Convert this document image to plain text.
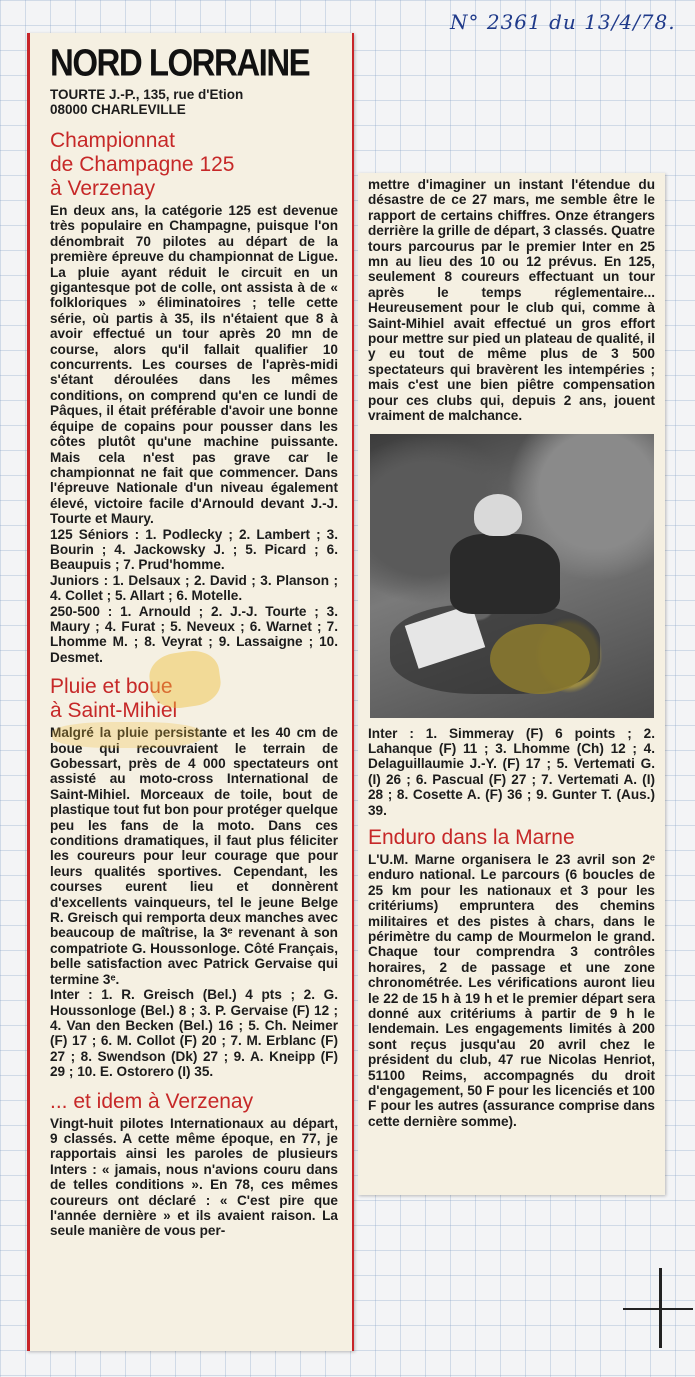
N° 2361 du 13/4/78.
NORD LORRAINE
TOURTE J.-P., 135, rue d'Etion
08000 CHARLEVILLE
Championnat
de Champagne 125
à Verzenay

En deux ans, la catégorie 125 est devenue très populaire en Champagne, puisque l'on dénombrait 70 pilotes au départ de la première épreuve du championnat de Ligue. La pluie ayant réduit le circuit en un gigantesque pot de colle, ont assista à de « folkloriques » éliminatoires ; telle cette série, où partis à 35, ils n'étaient que 8 à avoir effectué un tour après 20 mn de course, alors qu'il fallait qualifier 10 concurrents. Les courses de l'après-midi s'étant déroulées dans les mêmes conditions, on comprend qu'en ce lundi de Pâques, il était préférable d'avoir une bonne équipe de copains pour pousser dans les côtes plutôt qu'une machine puissante. Mais cela n'est pas grave car le championnat ne fait que commencer. Dans l'épreuve Nationale d'un niveau également élevé, victoire facile d'Arnould devant J.-J. Tourte et Maury.

125 Séniors : 1. Podlecky ; 2. Lambert ; 3. Bourin ; 4. Jackowsky J. ; 5. Picard ; 6. Beaupuis ; 7. Prud'homme.

Juniors : 1. Delsaux ; 2. David ; 3. Planson ; 4. Collet ; 5. Allart ; 6. Motelle.

250-500 : 1. Arnould ; 2. J.-J. Tourte ; 3. Maury ; 4. Furat ; 5. Neveux ; 6. Warnet ; 7. Lhomme M. ; 8. Veyrat ; 9. Lassaigne ; 10. Desmet.

Pluie et boue
à Saint-Mihiel

Malgré la pluie persistante et les 40 cm de boue qui recouvraient le terrain de Gobessart, près de 4 000 spectateurs ont assisté au moto-cross International de Saint-Mihiel. Morceaux de toile, bout de plastique tout fut bon pour protéger quelque peu les fans de la moto. Dans ces conditions dramatiques, il faut plus féliciter les coureurs pour leur courage que pour leurs qualités sportives. Cependant, les courses eurent lieu et donnèrent d'excellents vainqueurs, tel le jeune Belge R. Greisch qui remporta deux manches avec beaucoup de maîtrise, la 3ᵉ revenant à son compatriote G. Houssonloge. Côté Français, belle satisfaction avec Patrick Gervaise qui termine 3ᵉ.

Inter : 1. R. Greisch (Bel.) 4 pts ; 2. G. Houssonloge (Bel.) 8 ; 3. P. Gervaise (F) 12 ; 4. Van den Becken (Bel.) 16 ; 5. Ch. Neimer (F) 17 ; 6. M. Collot (F) 20 ; 7. M. Erblanc (F) 27 ; 8. Swendson (Dk) 27 ; 9. A. Kneipp (F) 29 ; 10. E. Ostorero (I) 35.

... et idem à Verzenay

Vingt-huit pilotes Internationaux au départ, 9 classés. A cette même époque, en 77, je rapportais ainsi les paroles de plusieurs Inters : « jamais, nous n'avions couru dans de telles conditions ». En 78, ces mêmes coureurs ont déclaré : « C'est pire que l'année dernière » et ils avaient raison. La seule manière de vous per-

mettre d'imaginer un instant l'étendue du désastre de ce 27 mars, me semble être le rapport de certains chiffres. Onze étrangers derrière la grille de départ, 3 classés. Quatre tours parcourus par le premier Inter en 25 mn au lieu des 10 ou 12 prévus. En 125, seulement 8 coureurs effectuant un tour après le temps réglementaire... Heureusement pour le club qui, comme à Saint-Mihiel avait effectué un gros effort pour mettre sur pied un plateau de qualité, il y eu tout de même plus de 3 500 spectateurs qui bravèrent les intempéries ; mais c'est une bien piêtre compensation pour ces clubs qui, depuis 2 ans, jouent vraiment de malchance.

Inter : 1. Simmeray (F) 6 points ; 2. Lahanque (F) 11 ; 3. Lhomme (Ch) 12 ; 4. Delaguillaumie J.-Y. (F) 17 ; 5. Vertemati G. (I) 26 ; 6. Pascual (F) 27 ; 7. Vertemati A. (I) 28 ; 8. Cosette A. (F) 36 ; 9. Gunter T. (Aus.) 39.

Enduro dans la Marne

L'U.M. Marne organisera le 23 avril son 2ᵉ enduro national. Le parcours (6 boucles de 25 km pour les nationaux et 3 pour les critériums) empruntera des chemins militaires et des pistes à chars, dans le périmètre du camp de Mourmelon le grand. Chaque tour comprendra 3 contrôles horaires, 2 de passage et une zone chronométrée. Les vérifications auront lieu le 22 de 15 h à 19 h et le premier départ sera donné aux critériums à partir de 9 h le lendemain. Les engagements limités à 200 sont reçus jusqu'au 20 avril chez le président du club, 47 rue Nicolas Henriot, 51100 Reims, accompagnés du droit d'engagement, 50 F pour les licenciés et 100 F pour les autres (assurance comprise dans cette dernière somme).
